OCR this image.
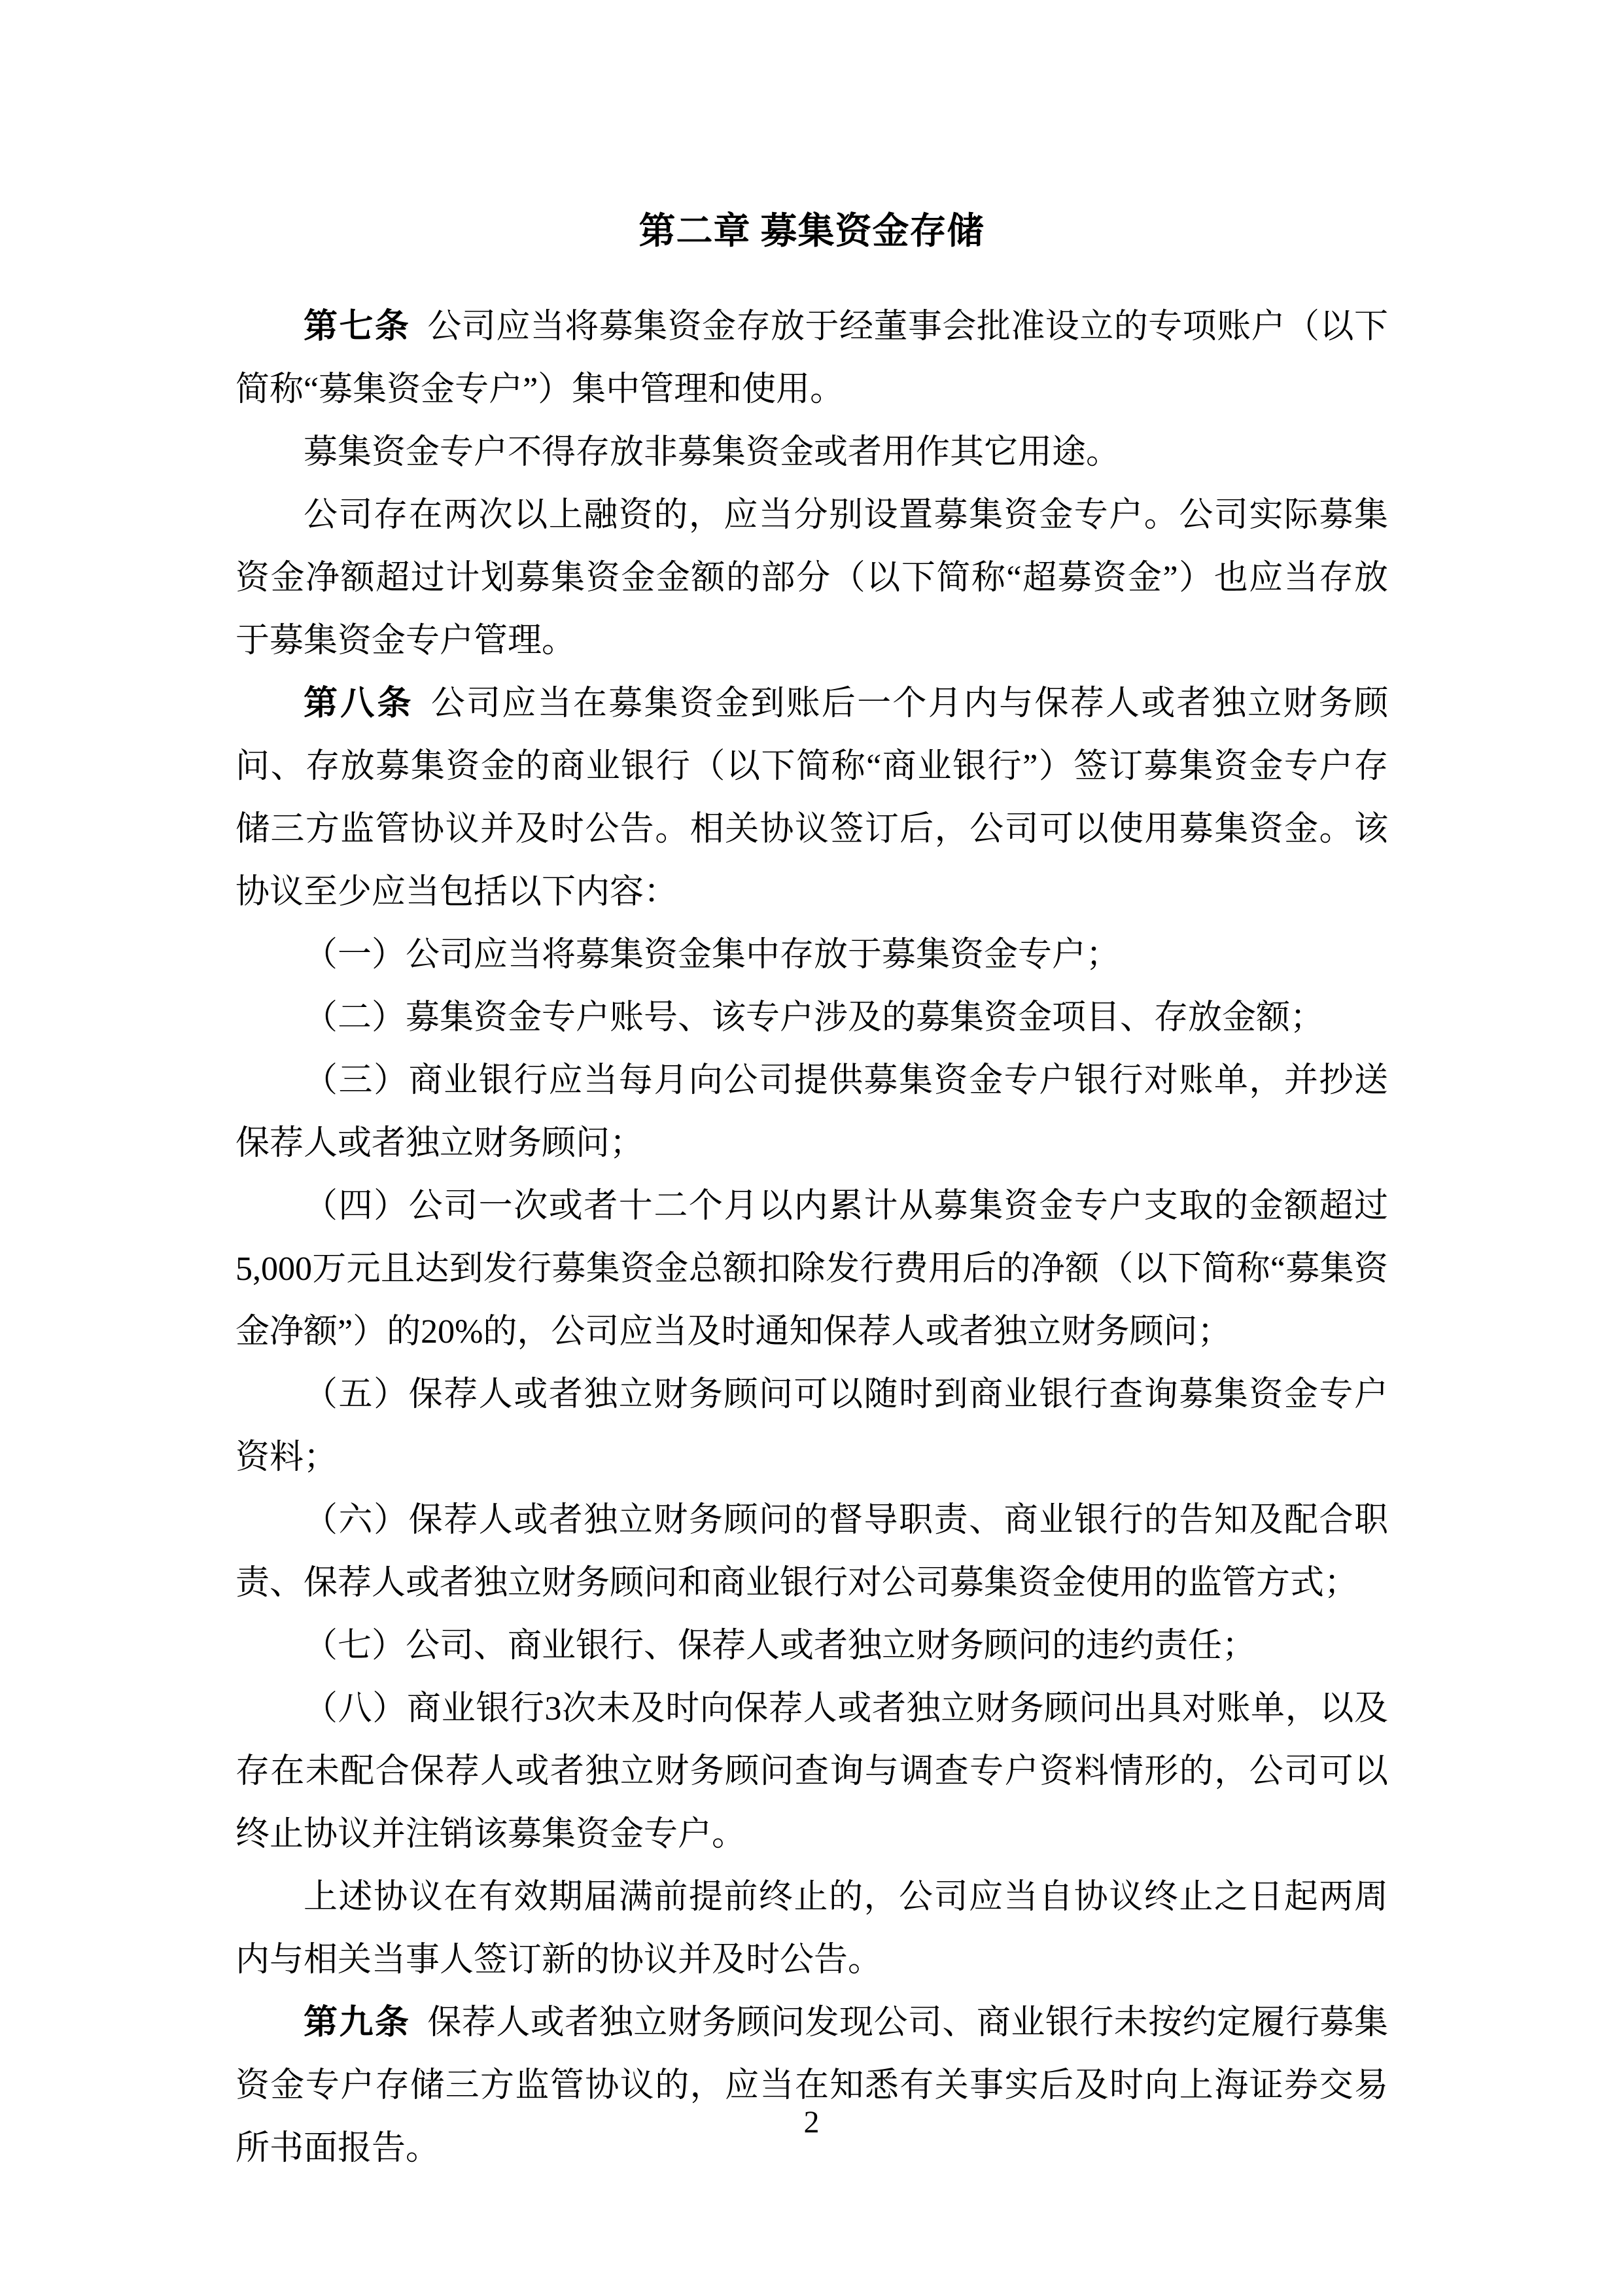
第二章 募集资金存储

第七条 公司应当将募集资金存放于经董事会批准设立的专项账户（以下简称“募集资金专户”）集中管理和使用。

募集资金专户不得存放非募集资金或者用作其它用途。

公司存在两次以上融资的，应当分别设置募集资金专户。公司实际募集资金净额超过计划募集资金金额的部分（以下简称“超募资金”）也应当存放于募集资金专户管理。

第八条 公司应当在募集资金到账后一个月内与保荐人或者独立财务顾问、存放募集资金的商业银行（以下简称“商业银行”）签订募集资金专户存储三方监管协议并及时公告。相关协议签订后，公司可以使用募集资金。该协议至少应当包括以下内容：

（一）公司应当将募集资金集中存放于募集资金专户；

（二）募集资金专户账号、该专户涉及的募集资金项目、存放金额；

（三）商业银行应当每月向公司提供募集资金专户银行对账单，并抄送保荐人或者独立财务顾问；

（四）公司一次或者十二个月以内累计从募集资金专户支取的金额超过5,000万元且达到发行募集资金总额扣除发行费用后的净额（以下简称“募集资金净额”）的20%的，公司应当及时通知保荐人或者独立财务顾问；

（五）保荐人或者独立财务顾问可以随时到商业银行查询募集资金专户资料；

（六）保荐人或者独立财务顾问的督导职责、商业银行的告知及配合职责、保荐人或者独立财务顾问和商业银行对公司募集资金使用的监管方式；

（七）公司、商业银行、保荐人或者独立财务顾问的违约责任；

（八）商业银行3次未及时向保荐人或者独立财务顾问出具对账单，以及存在未配合保荐人或者独立财务顾问查询与调查专户资料情形的，公司可以终止协议并注销该募集资金专户。

上述协议在有效期届满前提前终止的，公司应当自协议终止之日起两周内与相关当事人签订新的协议并及时公告。

第九条 保荐人或者独立财务顾问发现公司、商业银行未按约定履行募集资金专户存储三方监管协议的，应当在知悉有关事实后及时向上海证券交易所书面报告。

2
